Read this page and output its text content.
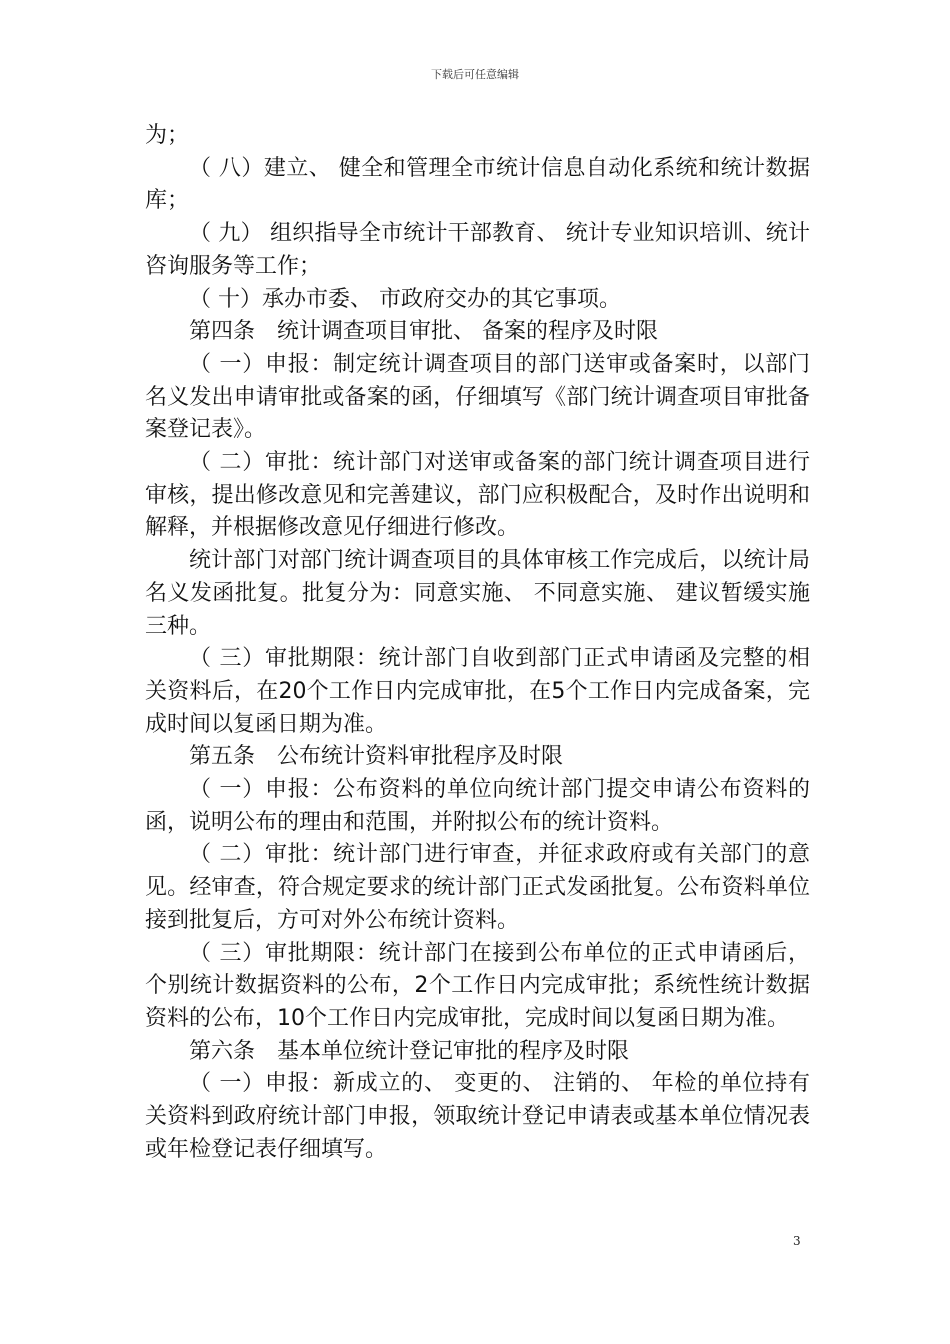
下载后可任意编辑

为；

（ 八）建立、 健全和管理全市统计信息自动化系统和统计数据库；

（ 九） 组织指导全市统计干部教育、 统计专业知识培训、统计咨询服务等工作；

（ 十）承办市委、 市政府交办的其它事项。

第四条　统计调查项目审批、 备案的程序及时限

（ 一）申报：制定统计调查项目的部门送审或备案时，以部门名义发出申请审批或备案的函，仔细填写《部门统计调查项目审批备案登记表》。

（ 二）审批：统计部门对送审或备案的部门统计调查项目进行审核，提出修改意见和完善建议，部门应积极配合，及时作出说明和解释，并根据修改意见仔细进行修改。

统计部门对部门统计调查项目的具体审核工作完成后，以统计局名义发函批复。批复分为：同意实施、 不同意实施、 建议暂缓实施三种。

（ 三）审批期限：统计部门自收到部门正式申请函及完整的相关资料后，在20个工作日内完成审批，在5个工作日内完成备案，完成时间以复函日期为准。

第五条　公布统计资料审批程序及时限

（ 一）申报：公布资料的单位向统计部门提交申请公布资料的函，说明公布的理由和范围，并附拟公布的统计资料。

（ 二）审批：统计部门进行审查，并征求政府或有关部门的意见。经审查，符合规定要求的统计部门正式发函批复。公布资料单位接到批复后，方可对外公布统计资料。

（ 三）审批期限：统计部门在接到公布单位的正式申请函后，个别统计数据资料的公布，2个工作日内完成审批；系统性统计数据资料的公布，10个工作日内完成审批，完成时间以复函日期为准。

第六条　基本单位统计登记审批的程序及时限

（ 一）申报：新成立的、 变更的、 注销的、 年检的单位持有关资料到政府统计部门申报，领取统计登记申请表或基本单位情况表或年检登记表仔细填写。

3
